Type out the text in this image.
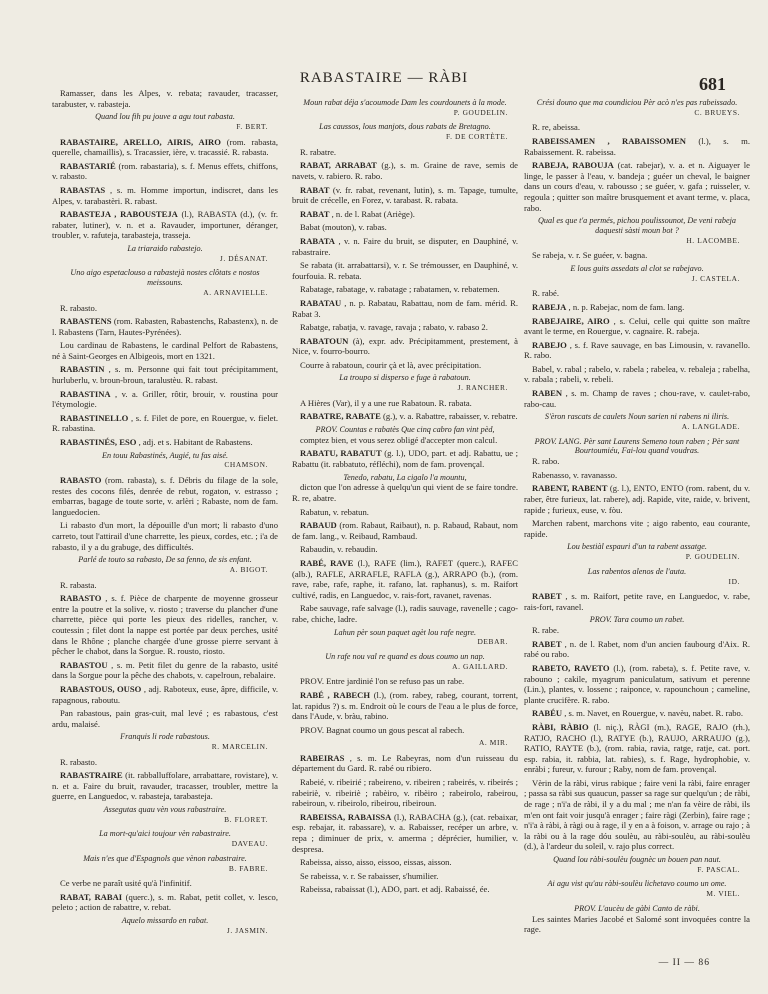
RABASTAIRE — RÀBI	681

Ramasser, dans les Alpes, v. rebata; ravauder, tracasser, tarabuster, v. rabasteja.

Quand lou fih pu jouve a agu tout rabasta.
F. BERT.

RABASTAIRE, ARELLO, AIRIS, AIRO (rom. rabasta, querelle, chamaillis), s. Tracassier, ière, v. tracassié. R. rabasta.

RABASTARIÉ (rom. rabastaria), s. f. Menus effets, chiffons, v. rabasto.

RABASTAS , s. m. Homme importun, indiscret, dans les Alpes, v. tarabastèri. R. rabast.

RABASTEJA , RABOUSTEJA (l.), RABASTA (d.), (v. fr. rabater, lutiner), v. n. et a. Ravauder, importuner, déranger, troubler, v. rafuteja, tarabasteja, trasseja.

La triaraido rabastejo.
J. DÉSANAT.
Uno aigo espetaclouso a rabastejà nostes clôtats e nostos meissouns.
A. ARNAVIELLE.

R. rabasto.

RABASTENS (rom. Rabasten, Rabastenchs, Rabastenx), n. de l. Rabastens (Tarn, Hautes-Pyrénées).

Lou cardinau de Rabastens, le cardinal Pelfort de Rabastens, né à Saint-Georges en Albigeois, mort en 1321.

RABASTIN , s. m. Personne qui fait tout précipitamment, hurluberlu, v. broun-broun, taralustèu. R. rabast.

RABASTINA , v. a. Griller, rôtir, brouir, v. roustina pour l'étymologie.

RABASTINELLO , s. f. Filet de pore, en Rouergue, v. fielet. R. rabastina.

RABASTINÉS, ESO , adj. et s. Habitant de Rabastens.

En touu Rabastinés, Augié, tu fas aisé.
CHAMSON.

RABASTO (rom. rabasta), s. f. Débris du filage de la sole, restes des cocons filés, denrée de rebut, rogaton, v. estrasso ; embarras, bagage de toute sorte, v. arlèri ; Rabaste, nom de fam. languedocien.

Li rabasto d'un mort, la dépouille d'un mort; li rabasto d'uno carreto, tout l'attirail d'une charrette, les pieux, cordes, etc. ; i'a de rabasto, il y a du grabuge, des difficultés.

Parlé de touto sa rabasto, De sa fenno, de sis enfant.
A. BIGOT.

R. rabasta.

RABASTO , s. f. Pièce de charpente de moyenne grosseur entre la poutre et la solive, v. riosto ; traverse du plancher d'une charrette, pièce qui porte les pieux des ridelles, rancher, v. coutessin ; filet dont la nappe est portée par deux perches, usité dans le Rhône ; planche chargée d'une grosse pierre servant à pêcher le chabot, dans la Sorgue. R. rousto, riosto.

RABASTOU , s. m. Petit filet du genre de la rabasto, usité dans la Sorgue pour la pêche des chabots, v. capelroun, rebalaire.

RABASTOUS, OUSO , adj. Raboteux, euse, âpre, difficile, v. rapagnous, raboutu.

Pan rabastous, pain gras-cuit, mal levé ; es rabastous, c'est ardu, malaisé.

Franquis li rode rabastous.
R. MARCELIN.

R. rabasto.

RABASTRAIRE (it. rabballuffolare, arrabattare, rovistare), v. n. et a. Faire du bruit, ravauder, tracasser, troubler, mettre la guerre, en Languedoc, v. rabasteja, tarabasteja.

Assegutas quau vèn vous rabastraire.
B. FLORET.
La mort-qu'aici toujour vèn rabastraire.
DAVEAU.
Mais n'es que d'Espagnols que vènon rabastraire.
B. FABRE.

Ce verbe ne paraît usité qu'à l'infinitif.

RABAT, RABAI (querc.), s. m. Rabat, petit collet, v. lesco, peleto ; action de rabattre, v. rebat.

Aquelo missardo en rabat.
J. JASMIN.
Moun rabat déja s'acoumode Dam les courdounets à la mode.
P. GOUDELIN.
Las caussos, lous manjots, dous rabats de Bretagno.
F. DE CORTÈTE.

R. rabatre.

RABAT, ARRABAT (g.), s. m. Graine de rave, semis de navets, v. rabiero. R. rabo.

RABAT (v. fr. rabat, revenant, lutin), s. m. Tapage, tumulte, bruit de crécelle, en Forez, v. tarabast. R. rabata.

RABAT , n. de l. Rabat (Ariège).

Babat (mouton), v. rabas.

RABATA , v. n. Faire du bruit, se disputer, en Dauphiné, v. rabastraire.

Se rabata (it. arrabattarsi), v. r. Se trémousser, en Dauphiné, v. fourfouia. R. rebata.

Rabatage, rabatage, v. rabatage ; rabatamen, v. rebatemen.

RABATAU , n. p. Rabatau, Rabattau, nom de fam. mérid. R. Rabat 3.

Rabatge, rabatja, v. ravage, ravaja ; rabato, v. rabaso 2.

RABATOUN (à), expr. adv. Précipitamment, prestement, à Nice, v. fourro-bourro.

Courre à rabatoun, courir çà et là, avec précipitation.

La troupo si disperso e fuge à rabatoun.
J. RANCHER.

A Hières (Var), il y a une rue Rabatoun. R. rabata.

RABATRE, RABATE (g.), v. a. Rabattre, rabaisser, v. rebatre.

PROV. Countas e rabatès Que cinq cabro fan vint pèd,

comptez bien, et vous serez obligé d'accepter mon calcul.

RABATU, RABATUT (g. l.), UDO, part. et adj. Rabattu, ue ; Rabattu (it. rabbatuto, réfléchi), nom de fam. provençal.

Tenedo, rabatu, La cigalo l'a mountu,

dicton que l'on adresse à quelqu'un qui vient de se faire tondre. R. re, abatre.

Rabatun, v. rebatun.

RABAUD (rom. Rabaut, Raibaut), n. p. Rabaud, Rabaut, nom de fam. lang., v. Reibaud, Rambaud.

Rabaudin, v. rebaudin.

RABÉ, RAVE (l.), RAFE (lim.), RAFET (querc.), RAFEC (alb.), RAFLE, ARRAFLE, RAFLA (g.), ARRAPO (b.), (rom. rave, rabe, rafe, raphe, it. rafano, lat. raphanus), s. m. Raifort cultivé, radis, en Languedoc, v. rais-fort, ravanet, ravenas.

Rabe sauvage, rafe salvage (l.), radis sauvage, ravenelle ; cago-rabe, chiche, ladre.

Lahun pèr soun paquet agèt lou rafe negre.
DEBAR.
Un rafe nou val re quand es dous coumo un nap.
A. GAILLARD.

PROV. Entre jardinié l'on se refuso pas un rabe.

RABÉ , RABECH (l.), (rom. rabey, rabeg, courant, torrent, lat. rapidus ?) s. m. Endroit où le cours de l'eau a le plus de force, dans l'Aude, v. bràu, rabino.

PROV. Bagnat coumo un gous pescat al rabech.

A. MIR.

RABEIRAS , s. m. Le Rabeyras, nom d'un ruisseau du département du Gard. R. rabé ou ribiero.

Rabeié, v. ribeirié ; rabeireno, v. ribeiren ; rabeirés, v. ribeirés ; rabeiriè, v. ribeiriè ; rabèiro, v. ribèiro ; rabeirolo, rabeirou, rabeiroun, v. ribeirolo, ribeirou, ribeiroun.

RABEISSA, RABAISSA (l.), RABACHA (g.), (cat. rebaixar, esp. rebajar, it. rabassare), v. a. Rabaisser, recéper un arbre, v. repa ; diminuer de prix, v. amerma ; déprécier, humilier, v. despresa.

Rabeissa, aisso, aisso, eissoo, eissas, aisson.

Se rabeissa, v. r. Se rabaisser, s'humilier.

Rabeissa, rabaissat (l.), ADO, part. et adj. Rabaissé, ée.

Crési douno que ma coundiciou Pèr acò n'es pas rabeissado.
C. BRUEYS.

R. re, abeissa.

RABEISSAMEN , RABAISSOMEN (l.), s. m. Rabaissement. R. rabeissa.

RABEJA, RABOUJA (cat. rabejar), v. a. et n. Aiguayer le linge, le passer à l'eau, v. bandeja ; guéer un cheval, le baigner dans un cours d'eau, v. rabousso ; se guéer, v. gafa ; ruisseler, v. regoula ; quitter son maître brusquement et avant terme, v. placa, rabo.

Qual es que t'a permés, pichou poulissounot, De veni rabeja daquesti sàsti moun bot ?
H. LACOMBE.

Se rabeja, v. r. Se guéer, v. bagna.

E lous guits assedats al clot se rabejavo.
J. CASTELA.

R. rabé.

RABEJA , n. p. Rabejac, nom de fam. lang.

RABEJAIRE, AIRO , s. Celui, celle qui quitte son maître avant le terme, en Rouergue, v. cagnaire. R. rabeja.

RABEJO , s. f. Rave sauvage, en bas Limousin, v. ravanello. R. rabo.

Babel, v. rabal ; rabelo, v. rabela ; rabelea, v. rebaleja ; rabelha, v. rabala ; rabeli, v. rebeli.

RABEN , s. m. Champ de raves ; chou-rave, v. caulet-rabo, rabo-cau.

S'èron rascats de caulets Noun sarien ni rabens ni iliris.
A. LANGLADE.
PROV. LANG. Pèr sant Laurens Semeno toun raben ; Pèr sant Bourtoumiéu, Fai-lou quand voudras.

R. rabo.

Rabenasso, v. ravanasso.

RABENT, RABENT (g. l.), ENTO, ENTO (rom. rabent, du v. raber, être furieux, lat. rabere), adj. Rapide, vite, raide, v. brivent, rapide ; furieux, euse, v. fòu.

Marchen rabent, marchons vite ; aigo rabento, eau courante, rapide.

Lou bestiàl espauri d'un ta rabent assatge.
P. GOUDELIN.
Las rabentos alenos de l'auta.
ID.

RABET , s. m. Raifort, petite rave, en Languedoc, v. rabe, rais-fort, ravanel.

PROV. Tara coumo un rabet.

R. rabe.

RABET , n. de l. Rabet, nom d'un ancien faubourg d'Aix. R. rabé ou rabo.

RABETO, RAVETO (l.), (rom. rabeta), s. f. Petite rave, v. rabouno ; cakile, myagrum paniculatum, sativum et perenne (Lin.), plantes, v. lossenc ; raiponce, v. rapounchoun ; cameline, plante crucifère. R. rabo.

RABÉU , s. m. Navet, en Rouergue, v. navèu, nabet. R. rabo.

RÀBI, RÀBIO (l. niç.), RÀGI (m.), RAGE, RAJO (rh.), RATJO, RACHO (l.), RATYE (b.), RAUJO, ARRAUJO (g.), RATIO, RAYTE (b.), (rom. rabia, ravia, ratge, ratje, cat. port. esp. rabia, it. rabbia, lat. rabies), s. f. Rage, hydrophobie, v. enràbi ; fureur, v. furour ; Raby, nom de fam. provençal.

Vèrin de la ràbi, virus rabique ; faire veni la ràbi, faire enrager ; passa sa ràbi sus quaucun, passer sa rage sur quelqu'un ; de ràbi, de rage ; n'i'a de ràbi, il y a du mal ; me n'an fa vèire de ràbi, ils m'en ont fait voir jusqu'à enrager ; faire ràgi (Zerbin), faire rage ; n'i'a à ràbi, à ràgi ou à rage, il y en a à foison, v. arrage ou rajo ; à la ràbi ou à la rage dóu soulèu, au ràbi-soulèu, au ràbi-soulèu (d.), à l'ardeur du soleil, v. rajo plus correct.

Quand lou ràbi-soulèu fougnèc un bouen pan naut.
F. PASCAL.
Ai agu vist qu'au ràbi-soulèu lichetavo coumo un ome.
M. VIEL.
PROV. L'aucèu de gàbi Canto de ràbi.

Les saintes Maries Jacobé et Salomé sont invoquées contre la rage.

— II — 86
